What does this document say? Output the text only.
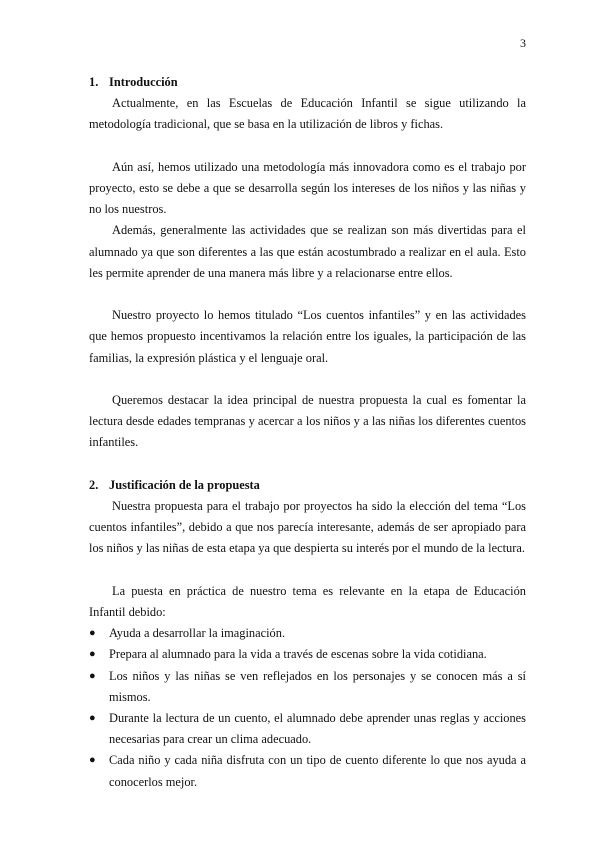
3
1. Introducción

Actualmente, en las Escuelas de Educación Infantil se sigue utilizando la metodología tradicional, que se basa en la utilización de libros y fichas.

Aún así, hemos utilizado una metodología más innovadora como es el trabajo por proyecto, esto se debe a que se desarrolla según los intereses de los niños y las niñas y no los nuestros.

Además, generalmente las actividades que se realizan son más divertidas para el alumnado ya que son diferentes a las que están acostumbrado a realizar en el aula. Esto les permite aprender de una manera más libre y a relacionarse entre ellos.

Nuestro proyecto lo hemos titulado “Los cuentos infantiles” y en las actividades que hemos propuesto incentivamos la relación entre los iguales, la participación de las familias, la expresión plástica y el lenguaje oral.

Queremos destacar la idea principal de nuestra propuesta la cual es fomentar la lectura desde edades tempranas y acercar a los niños y a las niñas los diferentes cuentos infantiles.

2. Justificación de la propuesta

Nuestra propuesta para el trabajo por proyectos ha sido la elección del tema “Los cuentos infantiles”, debido a que nos parecía interesante, además de ser apropiado para los niños y las niñas de esta etapa ya que despierta su interés por el mundo de la lectura.

La puesta en práctica de nuestro tema es relevante en la etapa de Educación Infantil debido:

● Ayuda a desarrollar la imaginación.
● Prepara al alumnado para la vida a través de escenas sobre la vida cotidiana.
● Los niños y las niñas se ven reflejados en los personajes y se conocen más a sí mismos.
● Durante la lectura de un cuento, el alumnado debe aprender unas reglas y acciones necesarias para crear un clima adecuado.
● Cada niño y cada niña disfruta con un tipo de cuento diferente lo que nos ayuda a conocerlos mejor.
